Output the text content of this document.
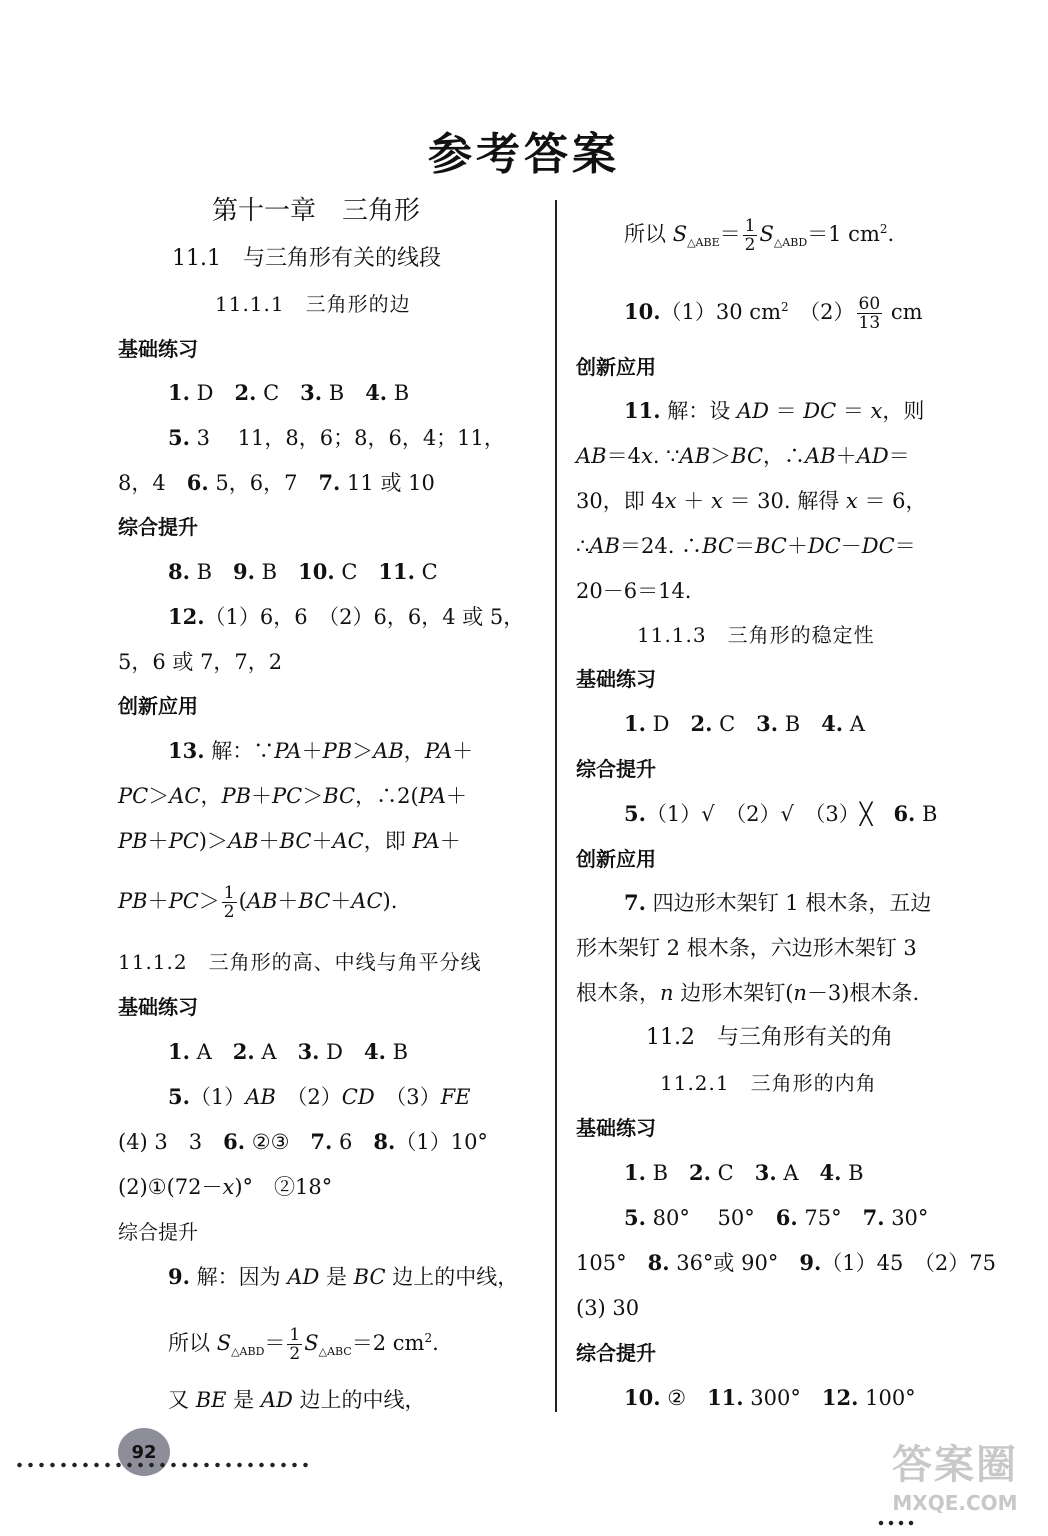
参考答案
第十一章　三角形
11.1　与三角形有关的线段
11.1.1　三角形的边
基础练习
1. D　2. C　3. B　4. B
5. 3　 11，8，6；8，6，4；11，
8，4　6. 5，6，7　7. 11 或 10
综合提升
8. B　9. B　10. C　11. C
12.（1）6，6　（2）6，6，4 或 5，
5，6 或 7，7，2
创新应用
13. 解：∵PA＋PB＞AB，PA＋
PC＞AC，PB＋PC＞BC，∴2(PA＋
PB＋PC)＞AB＋BC＋AC，即 PA＋
$PB+PC> \frac{1}{2} (AB+BC+AC)$.
11.1.2　三角形的高、中线与角平分线
基础练习
1. A　2. A　3. D　4. B
5.（1）AB　（2）CD　（3）FE
(4) 3　3　6. ②③　7. 6　8.（1）10°
(2)①(72－x)°　②18°
综合提升
9. 解：因为 AD 是 BC 边上的中线，
所以 $S_{\triangle ABD}= \frac{1}{2} S_{\triangle ABC}=2$ $cm^2$.
又 BE 是 AD 边上的中线，
所以 $S_{\triangle ABE}= \frac{1}{2} S_{\triangle ABD}=1$ $cm^2$.
10.（1）30 $cm^2$　$(2) \frac{60}{13}$ cm
创新应用
11. 解：设 AD ＝ DC ＝ x，则
AB＝4x. ∵AB＞BC，∴AB＋AD＝
30，即 4x ＋ x ＝ 30. 解得 x ＝ 6，
∴AB＝24. ∴BC＝BC＋DC－DC＝
20－6＝14.
11.1.3　三角形的稳定性
基础练习
1. D　2. C　3. B　4. A
综合提升
5.（1）√　（2）√　（3）╳　6. B
创新应用
7. 四边形木架钉 1 根木条，五边
形木架钉 2 根木条，六边形木架钉 3
根木条，n 边形木架钉(n－3)根木条.
11.2　与三角形有关的角
11.2.1　三角形的内角
基础练习
1. B　2. C　3. A　4. B
5. 80°　 50°　6. 75°　7. 30°
105°　8. 36°或 90°　9.（1）45　（2）75
(3) 30
综合提升
10. ②　11. 300°　12. 100°
92	答案圈
MXQE.COM
